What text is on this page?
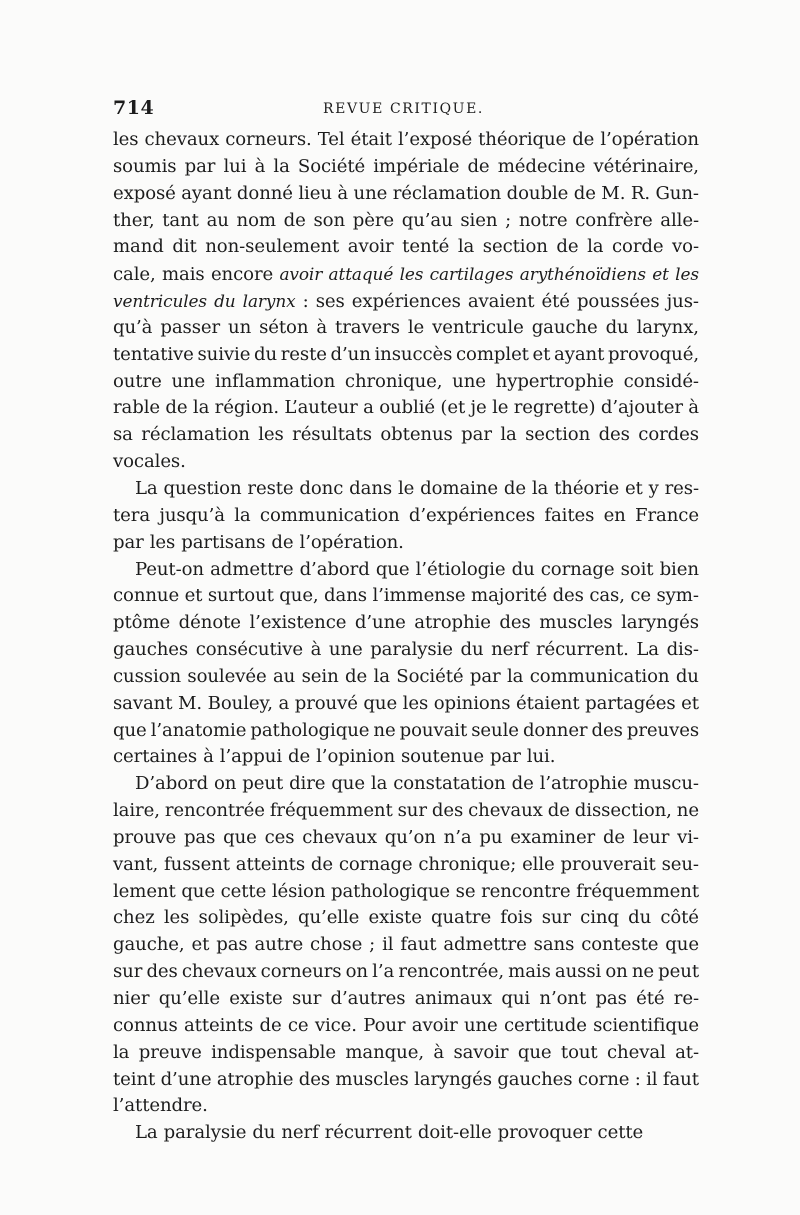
714	REVUE CRITIQUE.
les chevaux corneurs. Tel était l’exposé théorique de l’opération
soumis par lui à la Société impériale de médecine vétérinaire,
exposé ayant donné lieu à une réclamation double de M. R. Gun-
ther, tant au nom de son père qu’au sien ; notre confrère alle-
mand dit non-seulement avoir tenté la section de la corde vo-
cale, mais encore avoir attaqué les cartilages arythénoïdiens et les
ventricules du larynx : ses expériences avaient été poussées jus-
qu’à passer un séton à travers le ventricule gauche du larynx,
tentative suivie du reste d’un insuccès complet et ayant provoqué,
outre une inflammation chronique, une hypertrophie considé-
rable de la région. L’auteur a oublié (et je le regrette) d’ajouter à
sa réclamation les résultats obtenus par la section des cordes
vocales.
La question reste donc dans le domaine de la théorie et y res-
tera jusqu’à la communication d’expériences faites en France
par les partisans de l’opération.
Peut-on admettre d’abord que l’étiologie du cornage soit bien
connue et surtout que, dans l’immense majorité des cas, ce sym-
ptôme dénote l’existence d’une atrophie des muscles laryngés
gauches consécutive à une paralysie du nerf récurrent. La dis-
cussion soulevée au sein de la Société par la communication du
savant M. Bouley, a prouvé que les opinions étaient partagées et
que l’anatomie pathologique ne pouvait seule donner des preuves
certaines à l’appui de l’opinion soutenue par lui.
D’abord on peut dire que la constatation de l’atrophie muscu-
laire, rencontrée fréquemment sur des chevaux de dissection, ne
prouve pas que ces chevaux qu’on n’a pu examiner de leur vi-
vant, fussent atteints de cornage chronique; elle prouverait seu-
lement que cette lésion pathologique se rencontre fréquemment
chez les solipèdes, qu’elle existe quatre fois sur cinq du côté
gauche, et pas autre chose ; il faut admettre sans conteste que
sur des chevaux corneurs on l’a rencontrée, mais aussi on ne peut
nier qu’elle existe sur d’autres animaux qui n’ont pas été re-
connus atteints de ce vice. Pour avoir une certitude scientifique
la preuve indispensable manque, à savoir que tout cheval at-
teint d’une atrophie des muscles laryngés gauches corne : il faut
l’attendre.
La paralysie du nerf récurrent doit-elle provoquer cette
